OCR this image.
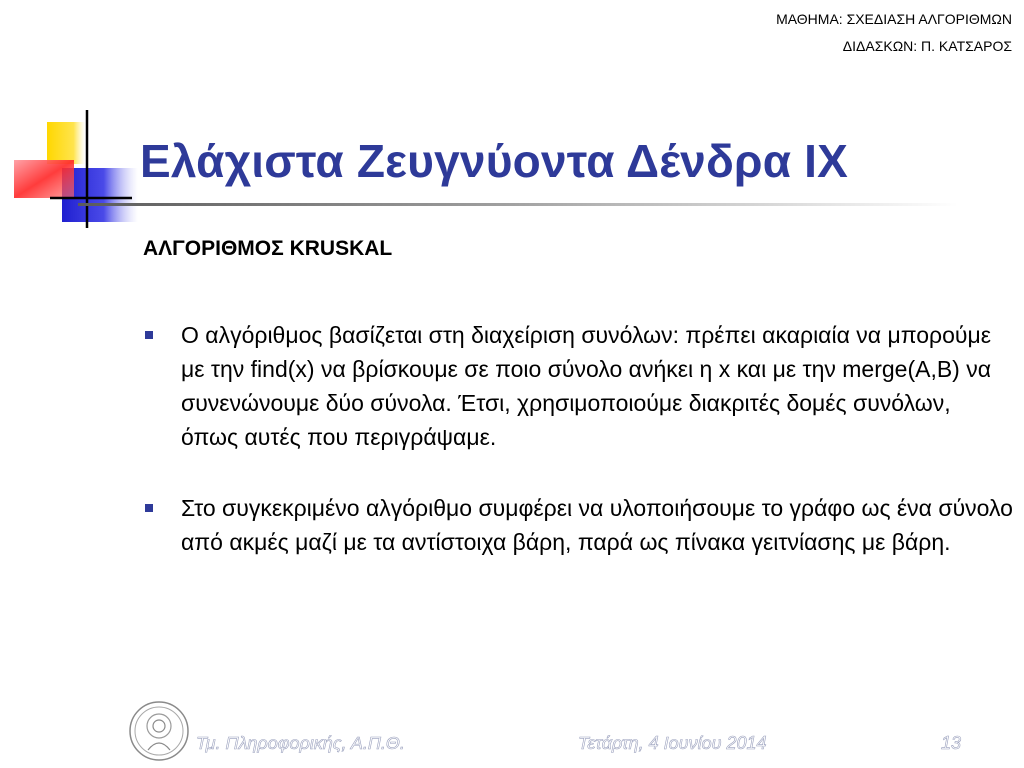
ΜΑΘΗΜΑ: ΣΧΕΔΙΑΣΗ ΑΛΓΟΡΙΘΜΩΝ
ΔΙΔΑΣΚΩΝ: Π. ΚΑΤΣΑΡΟΣ
Ελάχιστα Ζευγνύοντα Δένδρα IX
ΑΛΓΟΡΙΘΜΟΣ KRUSKAL
Ο αλγόριθμος βασίζεται στη διαχείριση συνόλων: πρέπει ακαριαία να μπορούμε με την find(x) να βρίσκουμε σε ποιο σύνολο ανήκει η x και με την merge(A,B) να συνενώνουμε δύο σύνολα. Έτσι, χρησιμοποιούμε διακριτές δομές συνόλων, όπως αυτές που περιγράψαμε.
Στο συγκεκριμένο αλγόριθμο συμφέρει να υλοποιήσουμε το γράφο ως ένα σύνολο από ακμές μαζί με τα αντίστοιχα βάρη, παρά ως πίνακα γειτνίασης με βάρη.
Τμ. Πληροφορικής, Α.Π.Θ.	Τετάρτη, 4 Ιουνίου 2014	13
